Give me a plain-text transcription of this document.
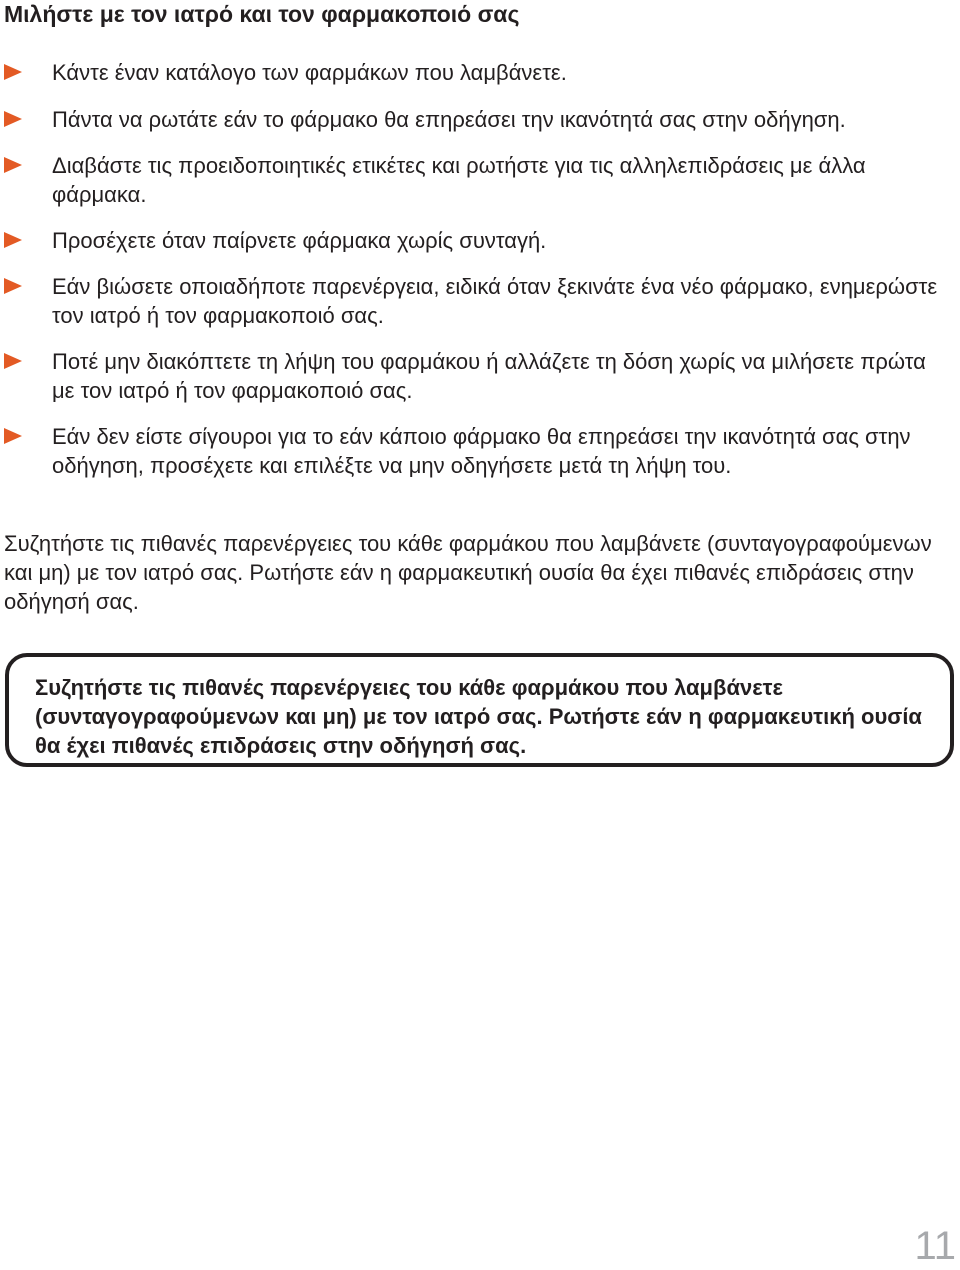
Μιλήστε με τον ιατρό και τον φαρμακοποιό σας
Κάντε έναν κατάλογο των φαρμάκων που λαμβάνετε.
Πάντα να ρωτάτε εάν το φάρμακο θα επηρεάσει την ικανότητά σας στην οδήγηση.
Διαβάστε τις προειδοποιητικές ετικέτες και ρωτήστε για τις αλληλεπιδράσεις με άλλα φάρμακα.
Προσέχετε όταν παίρνετε φάρμακα χωρίς συνταγή.
Εάν βιώσετε οποιαδήποτε παρενέργεια, ειδικά όταν ξεκινάτε ένα νέο φάρμακο, ενημερώστε τον ιατρό ή τον φαρμακοποιό σας.
Ποτέ μην διακόπτετε τη λήψη του φαρμάκου ή αλλάζετε τη δόση χωρίς να μιλήσετε πρώτα με τον ιατρό ή τον φαρμακοποιό σας.
Εάν δεν είστε σίγουροι για το εάν κάποιο φάρμακο θα επηρεάσει την ικανότητά σας στην οδήγηση, προσέχετε και επιλέξτε να μην οδηγήσετε μετά τη λήψη του.

Συζητήστε τις πιθανές παρενέργειες του κάθε φαρμάκου που λαμβάνετε (συνταγογραφούμενων και μη) με τον ιατρό σας. Ρωτήστε εάν η φαρμακευτική ουσία θα έχει πιθανές επιδράσεις στην οδήγησή σας.

Συζητήστε τις πιθανές παρενέργειες του κάθε φαρμάκου που λαμβάνετε (συνταγογραφούμενων και μη) με τον ιατρό σας. Ρωτήστε εάν η φαρμακευτική ουσία θα έχει πιθανές επιδράσεις στην οδήγησή σας.

11
